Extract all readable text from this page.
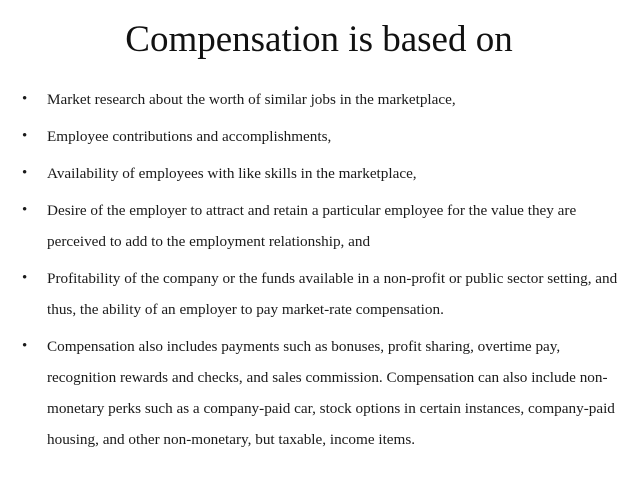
Compensation is based on
•	Market research about the worth of similar jobs in the marketplace,
•	Employee contributions and accomplishments,
•	Availability of employees with like skills in the marketplace,
•	Desire of the employer to attract and retain a particular employee for the value they are perceived to add to the employment relationship, and
•	Profitability of the company or the funds available in a non-profit or public sector setting, and thus, the ability of an employer to pay market-rate compensation.
•	Compensation also includes payments such as bonuses, profit sharing, overtime pay, recognition rewards and checks, and sales commission. Compensation can also include non-monetary perks such as a company-paid car, stock options in certain instances, company-paid housing, and other non-monetary, but taxable, income items.
